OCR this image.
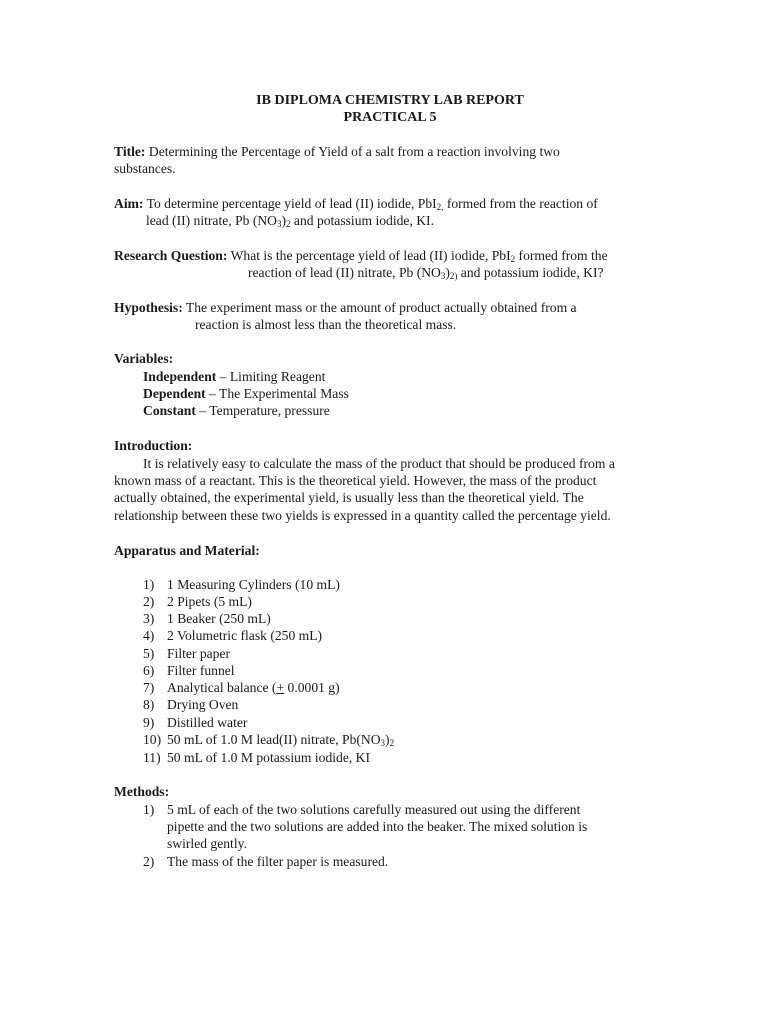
IB DIPLOMA CHEMISTRY LAB REPORT
PRACTICAL 5
Title: Determining the Percentage of Yield of a salt from a reaction involving two
substances.
Aim: To determine percentage yield of lead (II) iodide, PbI$_{2,}$ formed from the reaction of
lead (II) nitrate, Pb $(NO_3)_2$ and potassium iodide, KI.
Research Question: What is the percentage yield of lead (II) iodide, PbI$_2$ formed from the
reaction of lead (II) nitrate, Pb $(NO_3)_{2)}$ and potassium iodide, KI?
Hypothesis: The experiment mass or the amount of product actually obtained from a
reaction is almost less than the theoretical mass.
Variables:
Independent – Limiting Reagent
Dependent – The Experimental Mass
Constant – Temperature, pressure
Introduction:
It is relatively easy to calculate the mass of the product that should be produced from a
known mass of a reactant. This is the theoretical yield. However, the mass of the product
actually obtained, the experimental yield, is usually less than the theoretical yield. The
relationship between these two yields is expressed in a quantity called the percentage yield.
Apparatus and Material:
1) 1 Measuring Cylinders (10 mL)
2) 2 Pipets (5 mL)
3) 1 Beaker (250 mL)
4) 2 Volumetric flask (250 mL)
5) Filter paper
6) Filter funnel
7) Analytical balance (+ 0.0001 g)
8) Drying Oven
9) Distilled water
10) 50 mL of 1.0 M lead(II) nitrate, $Pb(NO_3)_2$
11) 50 mL of 1.0 M potassium iodide, KI
Methods:
1) 5 mL of each of the two solutions carefully measured out using the different
pipette and the two solutions are added into the beaker. The mixed solution is
swirled gently.
2) The mass of the filter paper is measured.
